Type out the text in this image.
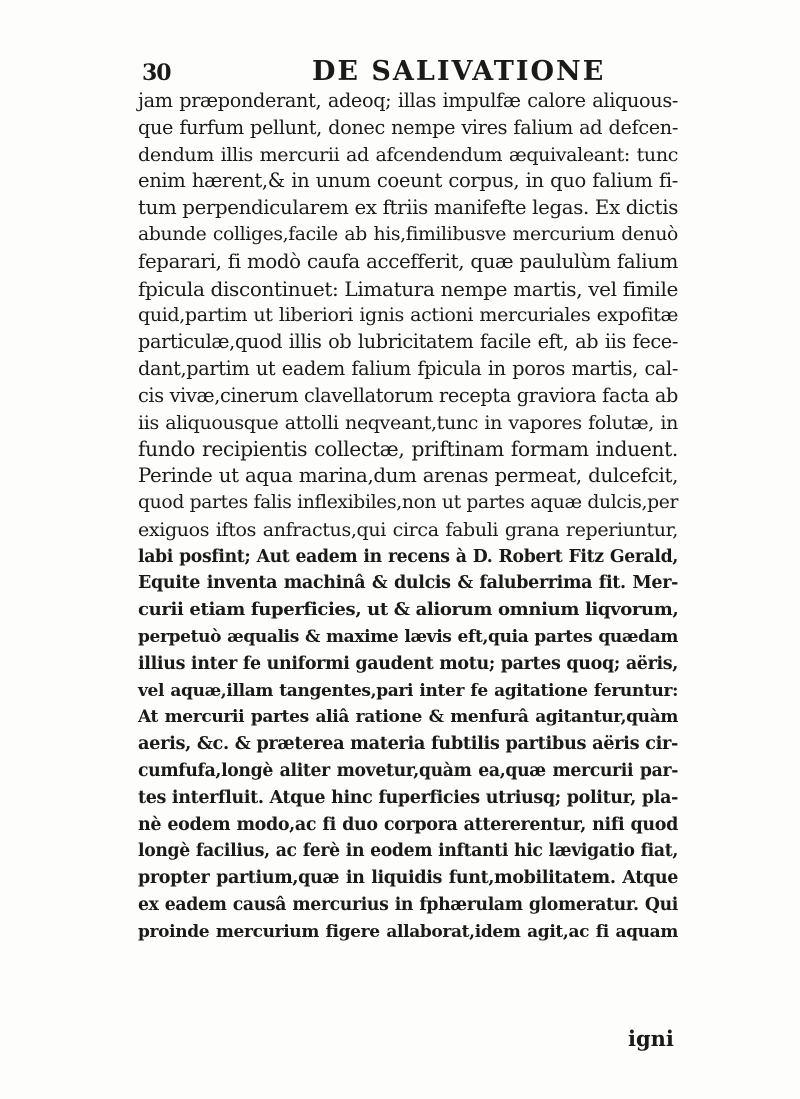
30	DE SALIVATIONE
jam præponderant, adeoq; illas impulfæ calore aliquous-
que furfum pellunt, donec nempe vires falium ad defcen-
dendum illis mercurii ad afcendendum æquivaleant: tunc
enim hærent,& in unum coeunt corpus, in quo falium fi-
tum perpendicularem ex ftriis manifefte legas. Ex dictis
abunde colliges,facile ab his,fimilibusve mercurium denuò
feparari, fi modò caufa accefferit, quæ paululùm falium
fpicula discontinuet: Limatura nempe martis, vel fimile
quid,partim ut liberiori ignis actioni mercuriales expofitæ
particulæ,quod illis ob lubricitatem facile eft, ab iis fece-
dant,partim ut eadem falium fpicula in poros martis, cal-
cis vivæ,cinerum clavellatorum recepta graviora facta ab
iis aliquousque attolli neqveant,tunc in vapores folutæ, in
fundo recipientis collectæ, priftinam formam induent.
Perinde ut aqua marina,dum arenas permeat, dulcefcit,
quod partes falis inflexibiles,non ut partes aquæ dulcis,per
exiguos iftos anfractus,qui circa fabuli grana reperiuntur,
labi posfint; Aut eadem in recens à D. Robert Fitz Gerald,
Equite inventa machinâ & dulcis & faluberrima fit. Mer-
curii etiam fuperficies, ut & aliorum omnium liqvorum,
perpetuò æqualis & maxime lævis eft,quia partes quædam
illius inter fe uniformi gaudent motu; partes quoq; aëris,
vel aquæ,illam tangentes,pari inter fe agitatione feruntur:
At mercurii partes aliâ ratione & menfurâ agitantur,quàm
aeris, &c. & præterea materia fubtilis partibus aëris cir-
cumfufa,longè aliter movetur,quàm ea,quæ mercurii par-
tes interfluit. Atque hinc fuperficies utriusq; politur, pla-
nè eodem modo,ac fi duo corpora attererentur, nifi quod
longè facilius, ac ferè in eodem inftanti hic lævigatio fiat,
propter partium,quæ in liquidis funt,mobilitatem. Atque
ex eadem causâ mercurius in fphærulam glomeratur. Qui
proinde mercurium figere allaborat,idem agit,ac fi aquam
igni
